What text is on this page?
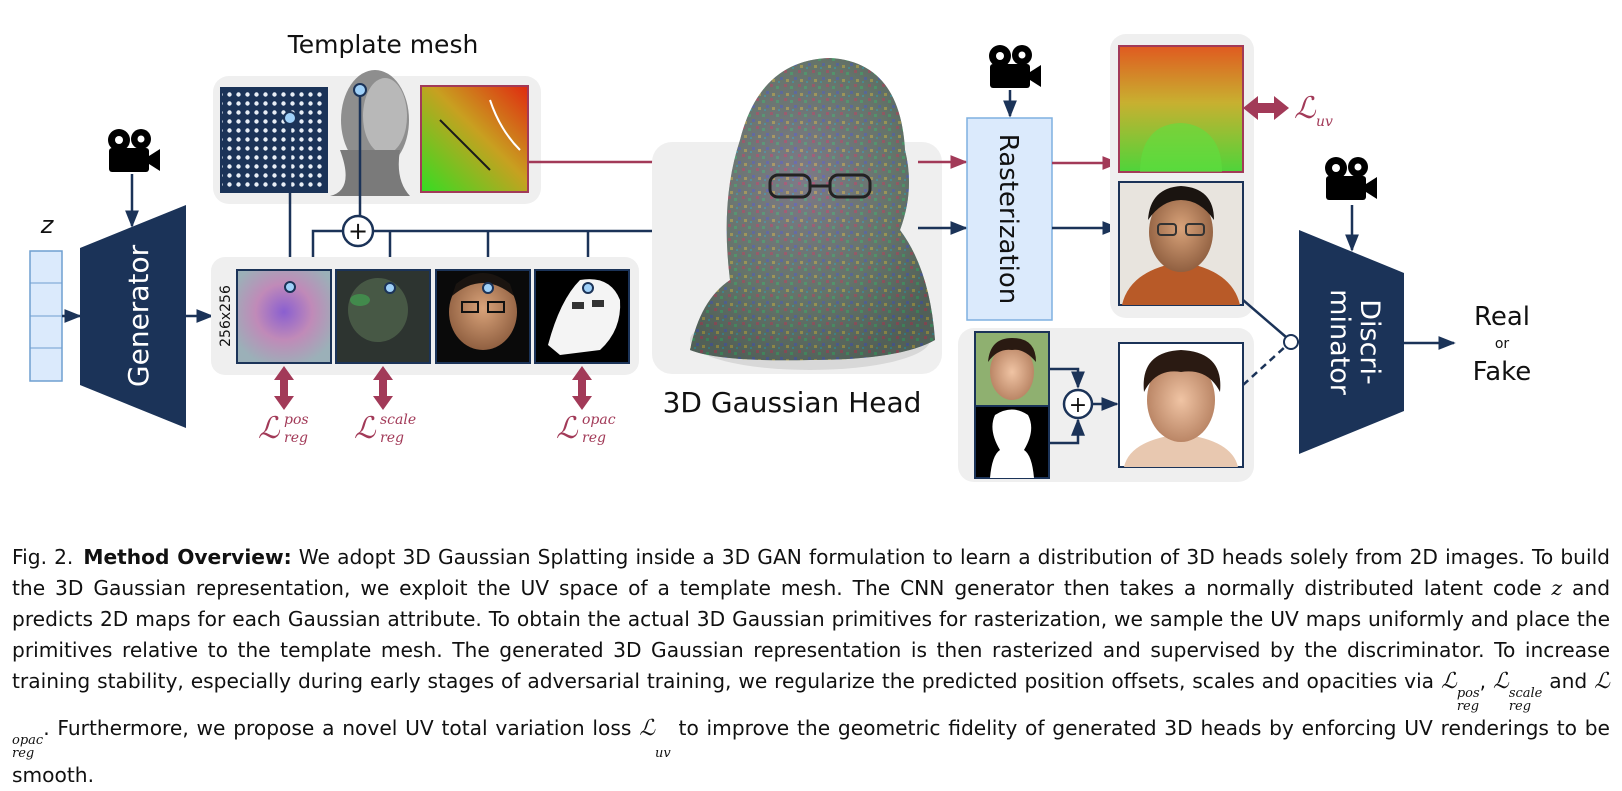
z
Generator
Template mesh
+
256x256
ℒ pos
reg ℒ scale
reg	ℒ opac
reg
3D Gaussian Head
Rasterization
ℒ uv
+
Discri-
minator	Real
or
Fake
Fig. 2. Method Overview: We adopt 3D Gaussian Splatting inside a 3D GAN formulation to learn a distribution of 3D heads solely from 2D images. To build the 3D Gaussian representation, we exploit the UV space of a template mesh. The CNN generator then takes a normally distributed latent code z and predicts 2D maps for each Gaussian attribute. To obtain the actual 3D Gaussian primitives for rasterization, we sample the UV maps uniformly and place the primitives relative to the template mesh. The generated 3D Gaussian representation is then rasterized and supervised by the discriminator. To increase training stability, especially during early stages of adversarial training, we regularize the predicted position offsets, scales and opacities via ℒ pos
reg
, ℒ scale
reg
and ℒ
opac
reg
. Furthermore, we propose a novel UV total variation loss ℒ
uv
to improve the geometric fidelity of generated 3D heads by enforcing UV renderings to be smooth.
